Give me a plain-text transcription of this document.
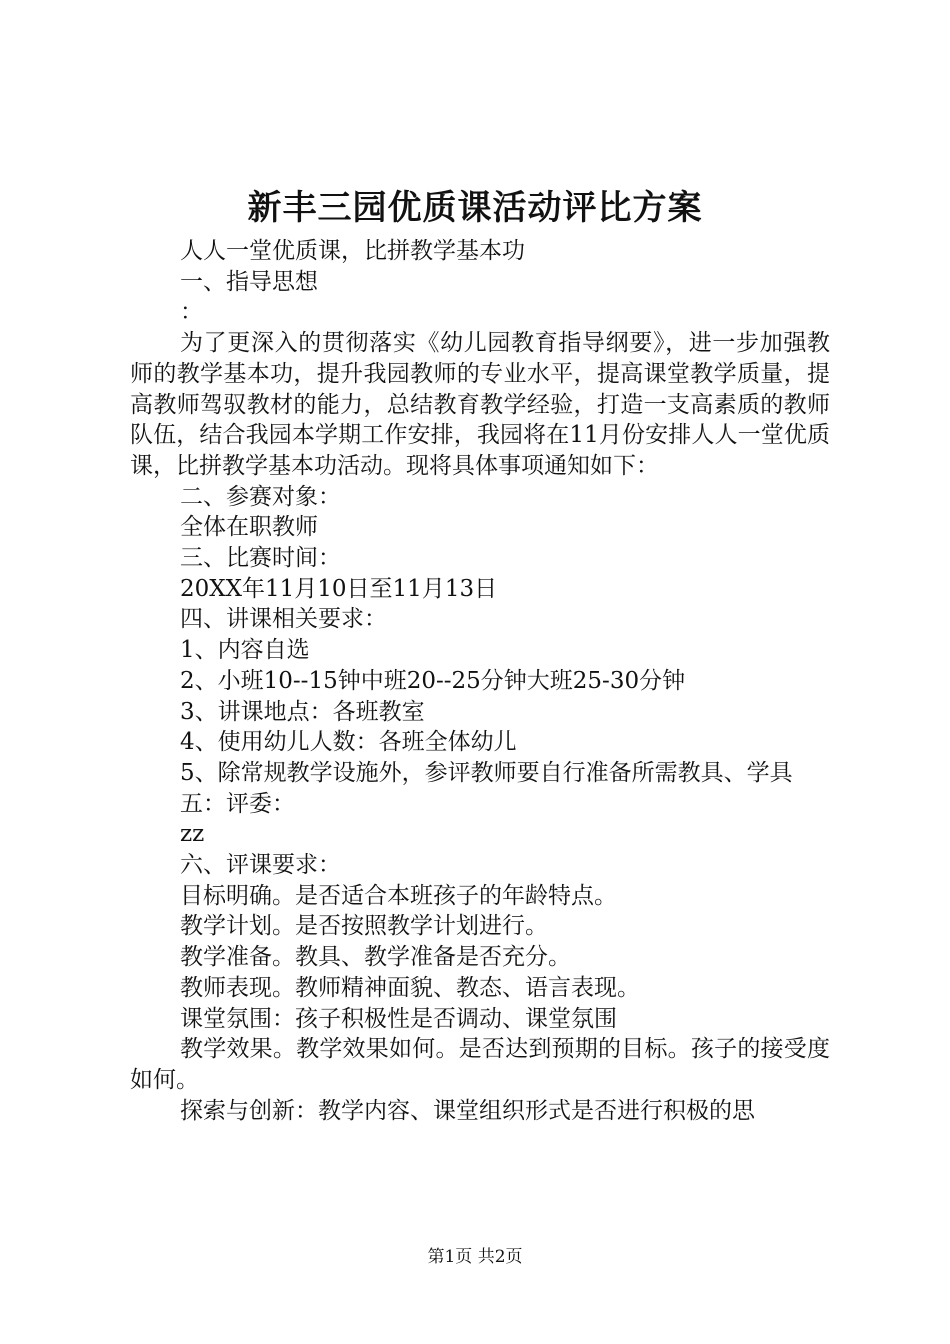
新丰三园优质课活动评比方案

人人一堂优质课，比拼教学基本功

一、指导思想

：

为了更深入的贯彻落实《幼儿园教育指导纲要》，进一步加强教师的教学基本功，提升我园教师的专业水平，提高课堂教学质量，提高教师驾驭教材的能力，总结教育教学经验，打造一支高素质的教师队伍，结合我园本学期工作安排，我园将在11月份安排人人一堂优质课，比拼教学基本功活动。现将具体事项通知如下：

二、参赛对象：

全体在职教师

三、比赛时间：

20XX年11月10日至11月13日

四、讲课相关要求：

1、内容自选

2、小班10--15钟中班20--25分钟大班25-30分钟

3、讲课地点：各班教室

4、使用幼儿人数：各班全体幼儿

5、除常规教学设施外，参评教师要自行准备所需教具、学具

五：评委：

zz

六、评课要求：

目标明确。是否适合本班孩子的年龄特点。

教学计划。是否按照教学计划进行。

教学准备。教具、教学准备是否充分。

教师表现。教师精神面貌、教态、语言表现。

课堂氛围：孩子积极性是否调动、课堂氛围

教学效果。教学效果如何。是否达到预期的目标。孩子的接受度如何。

探索与创新：教学内容、课堂组织形式是否进行积极的思

第1页 共2页
